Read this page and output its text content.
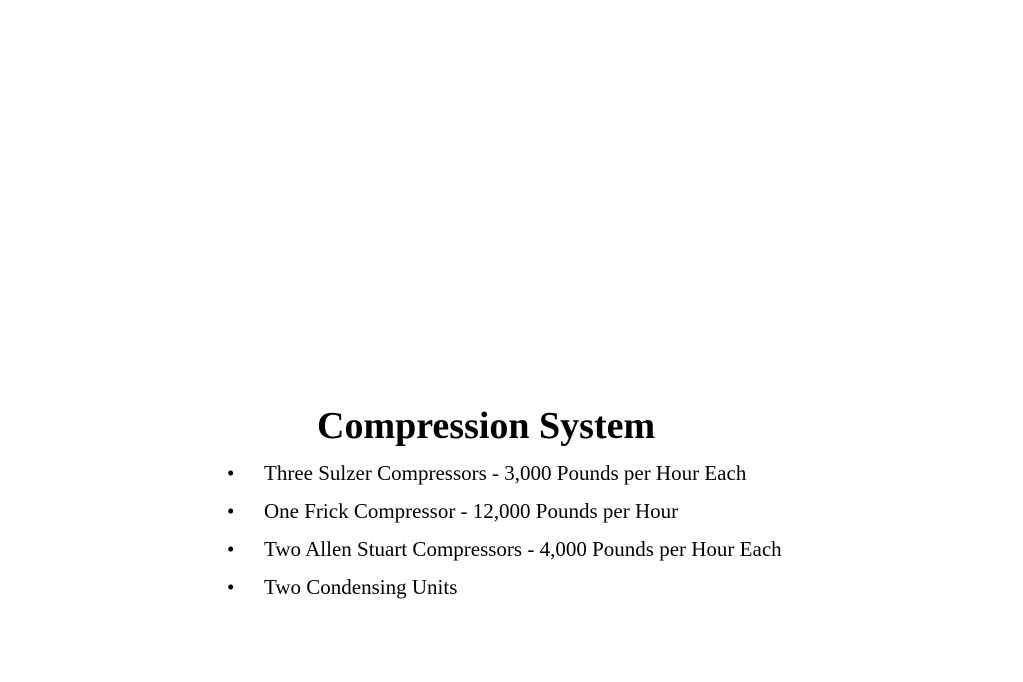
Compression System
•	Three Sulzer Compressors - 3,000 Pounds per Hour Each
•	One Frick Compressor - 12,000 Pounds per Hour
•	Two Allen Stuart Compressors - 4,000 Pounds per Hour Each
•	Two Condensing Units
